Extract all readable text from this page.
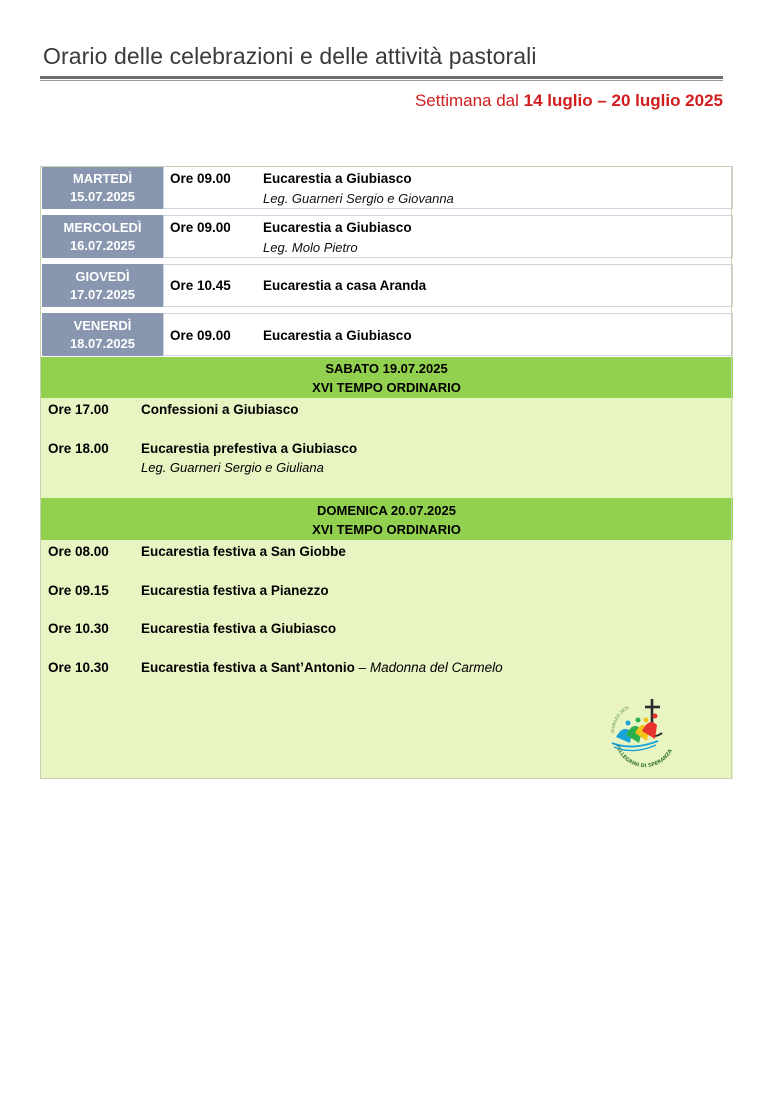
Orario delle celebrazioni e delle attività pastorali
Settimana dal 14 luglio – 20 luglio 2025
MARTEDÌ
15.07.2025
Ore 09.00 Eucarestia a Giubiasco
Leg. Guarneri Sergio e Giovanna
MERCOLEDÌ
16.07.2025
Ore 09.00 Eucarestia a Giubiasco
Leg. Molo Pietro
GIOVEDÌ
17.07.2025
Ore 10.45 Eucarestia a casa Aranda
VENERDÌ
18.07.2025	Ore 09.00 Eucarestia a Giubiasco
SABATO 19.07.2025
XVI TEMPO ORDINARIO
Ore 17.00 Confessioni a Giubiasco
Ore 18.00 Eucarestia prefestiva a Giubiasco
Leg. Guarneri Sergio e Giuliana
DOMENICA 20.07.2025
XVI TEMPO ORDINARIO
Ore 08.00 Eucarestia festiva a San Giobbe
Ore 09.15 Eucarestia festiva a Pianezzo
Ore 10.30 Eucarestia festiva a Giubiasco
Ore 10.30 Eucarestia festiva a Sant’Antonio – Madonna del Carmelo
GIUBILEO 2025
PELLEGRINI DI SPERANZA
